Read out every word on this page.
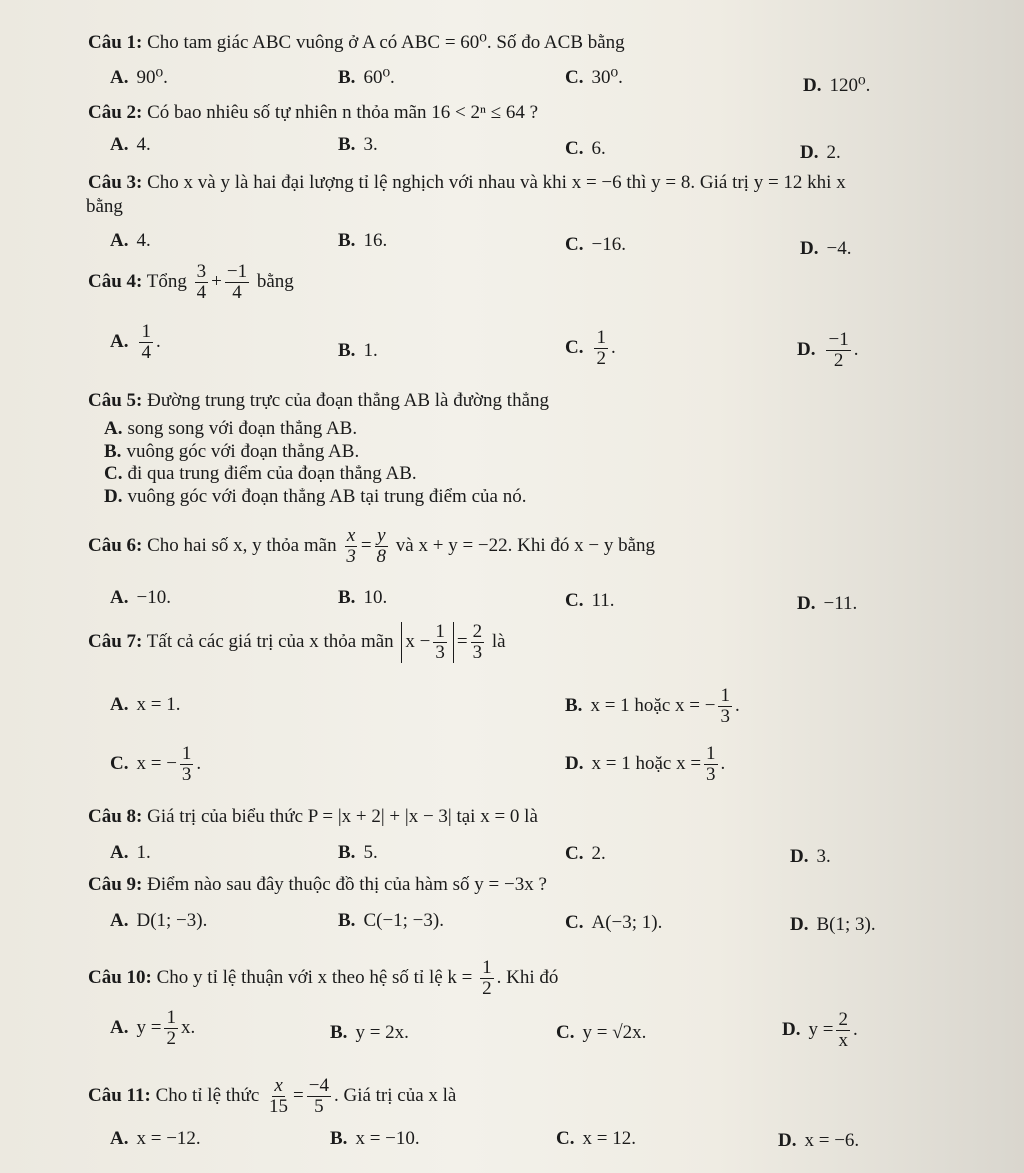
Câu 1: Cho tam giác ABC vuông ở A có ABC = 60⁰. Số đo ACB bằng
A. 90⁰.	B. 60⁰.	C. 30⁰.	D. 120⁰.
Câu 2: Có bao nhiêu số tự nhiên n thỏa mãn 16 < 2ⁿ ≤ 64 ?
A. 4.	B. 3.	C. 6.	D. 2.
Câu 3: Cho x và y là hai đại lượng tỉ lệ nghịch với nhau và khi x = −6 thì y = 8. Giá trị y = 12 khi x
bằng
A. 4.	B. 16.	C. −16.	D. −4.
Câu 4: Tổng $\frac{3}{4} + \frac{-1}{4}$ bằng
A. $\frac{1}{4}$ .	B. 1.	C. $\frac{1}{2}$ .	D. $\frac{-1}{2}$ .
Câu 5: Đường trung trực của đoạn thẳng AB là đường thẳng
A. song song với đoạn thẳng AB.
B. vuông góc với đoạn thẳng AB.
C. đi qua trung điểm của đoạn thẳng AB.
D. vuông góc với đoạn thẳng AB tại trung điểm của nó.
Câu 6: Cho hai số x, y thỏa mãn $\frac{x}{3} = \frac{y}{8}$ và x + y = −22. Khi đó x − y bằng
A. −10.	B. 10.	C. 11.	D. −11.
Câu 7: Tất cả các giá trị của x thỏa mãn $x - \frac{1}{3} = \frac{2}{3}$ là
A. x = 1.	B. x = 1 hoặc x = − $\frac{1}{3}$ .
C. x = − $\frac{1}{3}$ .	D. x = 1 hoặc $x = \frac{1}{3}$ .
Câu 8: Giá trị của biểu thức P = |x + 2| + |x − 3| tại x = 0 là
A. 1.	B. 5.	C. 2.	D. 3.
Câu 9: Điểm nào sau đây thuộc đồ thị của hàm số y = −3x ?
A. D(1; −3).	B. C(−1; −3).	C. A(−3; 1).	D. B(1; 3).
Câu 10: Cho y tỉ lệ thuận với x theo hệ số tỉ lệ $k = \frac{1}{2}$ . Khi đó
A. $y = \frac{1}{2} x$.	B. y = 2x.	C. y = √2x.	D. $y = \frac{2}{x}$ .
Câu 11: Cho tỉ lệ thức $\frac{x}{15} = \frac{-4}{5}$ . Giá trị của x là
A. x = −12.	B. x = −10.	C. x = 12.	D. x = −6.
